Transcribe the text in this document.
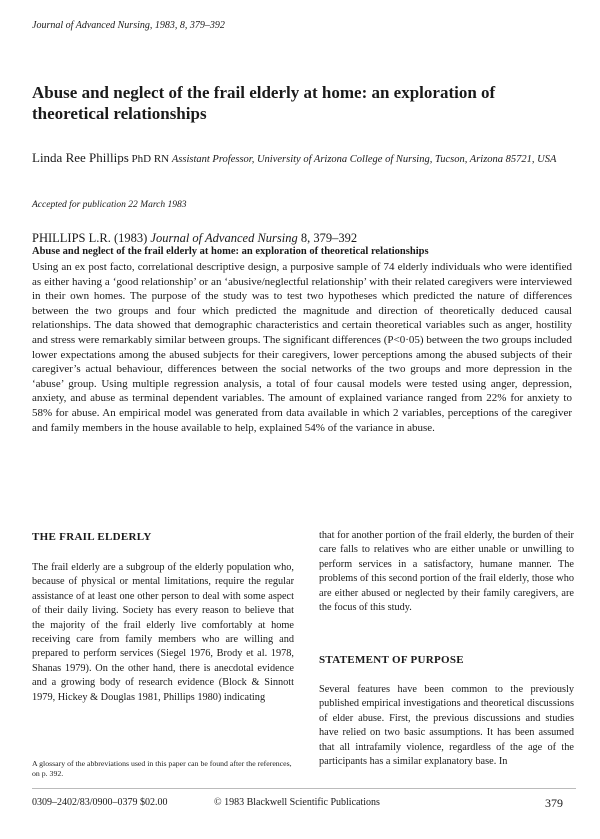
Journal of Advanced Nursing, 1983, 8, 379–392
Abuse and neglect of the frail elderly at home: an exploration of theoretical relationships
Linda Ree Phillips PhD RN Assistant Professor, University of Arizona College of Nursing, Tucson, Arizona 85721, USA
Accepted for publication 22 March 1983
PHILLIPS L.R. (1983) Journal of Advanced Nursing 8, 379–392
Abuse and neglect of the frail elderly at home: an exploration of theoretical relationships
Using an ex post facto, correlational descriptive design, a purposive sample of 74 elderly individuals who were identified as either having a ‘good relationship’ or an ‘abusive/neglectful relationship’ with their related caregivers were interviewed in their own homes. The purpose of the study was to test two hypotheses which predicted the nature of differences between the two groups and four which predicted the magnitude and direction of theoretically deduced causal relationships. The data showed that demographic characteristics and certain theoretical variables such as anger, hostility and stress were remarkably similar between groups. The significant differences (P<0·05) between the two groups included lower expectations among the abused subjects for their caregivers, lower perceptions among the abused subjects of their caregiver’s actual behaviour, differences between the social networks of the two groups and more depression in the ‘abuse’ group. Using multiple regression analysis, a total of four causal models were tested using anger, depression, anxiety, and abuse as terminal dependent variables. The amount of explained variance ranged from 22% for anxiety to 58% for abuse. An empirical model was generated from data available in which 2 variables, perceptions of the caregiver and family members in the house available to help, explained 54% of the variance in abuse.
THE FRAIL ELDERLY
The frail elderly are a subgroup of the elderly population who, because of physical or mental limitations, require the regular assistance of at least one other person to deal with some aspect of their daily living. Society has every reason to believe that the majority of the frail elderly live comfortably at home receiving care from family members who are willing and prepared to perform services (Siegel 1976, Brody et al. 1978, Shanas 1979). On the other hand, there is anecdotal evidence and a growing body of research evidence (Block & Sinnott 1979, Hickey & Douglas 1981, Phillips 1980) indicating
A glossary of the abbreviations used in this paper can be found after the references, on p. 392.
that for another portion of the frail elderly, the burden of their care falls to relatives who are either unable or unwilling to perform services in a satisfactory, humane manner. The problems of this second portion of the frail elderly, those who are either abused or neglected by their family caregivers, are the focus of this study.
STATEMENT OF PURPOSE
Several features have been common to the previously published empirical investigations and theoretical discussions of elder abuse. First, the previous discussions and studies have relied on two basic assumptions. It has been assumed that all intrafamily violence, regardless of the age of the participants has a similar explanatory base. In
0309–2402/83/0900–0379 $02.00	© 1983 Blackwell Scientific Publications	379
